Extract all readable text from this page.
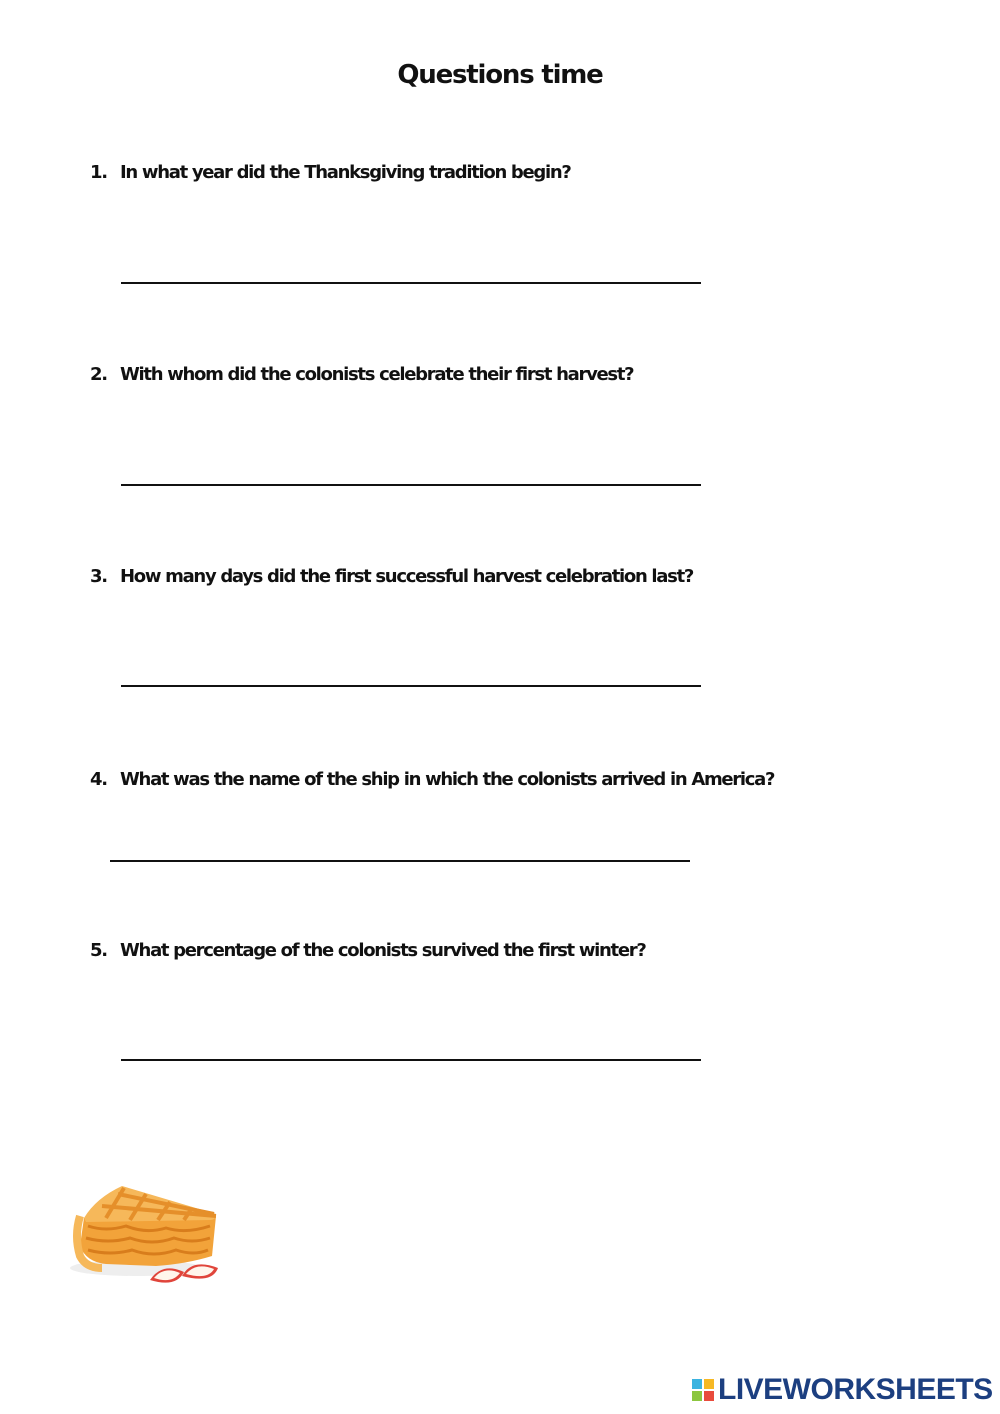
Questions time
1. In what year did the Thanksgiving tradition begin?
2. With whom did the colonists celebrate their first harvest?
3. How many days did the first successful harvest celebration last?
4. What was the name of the ship in which the colonists arrived in America?
5. What percentage of the colonists survived the first winter?
LIVEWORKSHEETS
